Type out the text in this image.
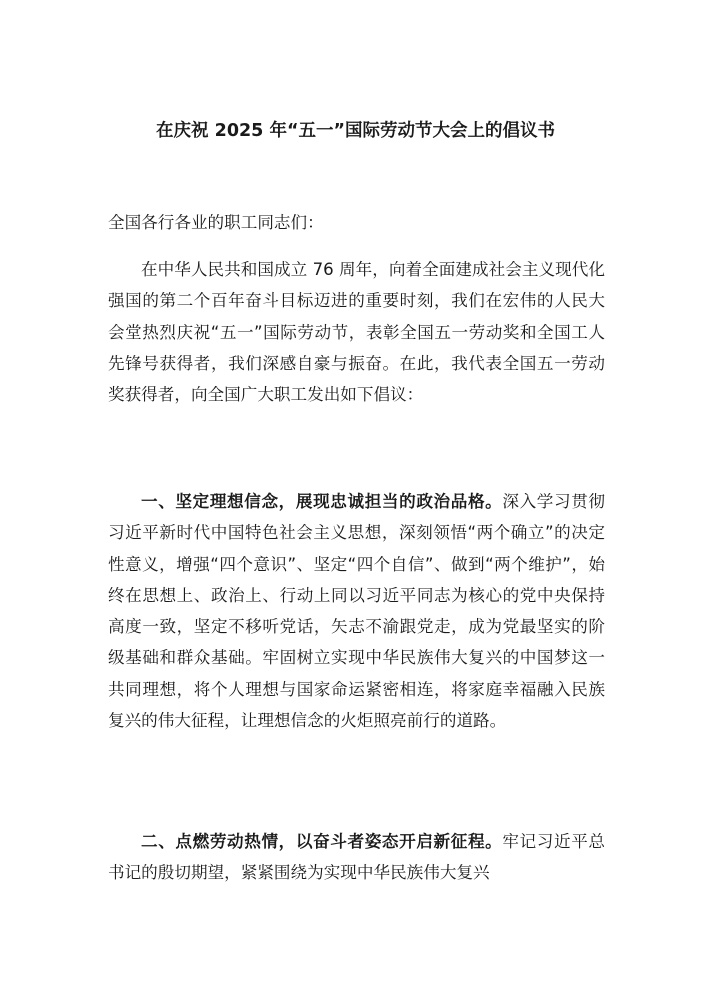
在庆祝 2025 年“五一”国际劳动节大会上的倡议书

全国各行各业的职工同志们：

在中华人民共和国成立 76 周年，向着全面建成社会主义现代化强国的第二个百年奋斗目标迈进的重要时刻，我们在宏伟的人民大会堂热烈庆祝“五一”国际劳动节，表彰全国五一劳动奖和全国工人先锋号获得者，我们深感自豪与振奋。在此，我代表全国五一劳动奖获得者，向全国广大职工发出如下倡议：

一、坚定理想信念，展现忠诚担当的政治品格。深入学习贯彻习近平新时代中国特色社会主义思想，深刻领悟“两个确立”的决定性意义，增强“四个意识”、坚定“四个自信”、做到“两个维护”，始终在思想上、政治上、行动上同以习近平同志为核心的党中央保持高度一致，坚定不移听党话，矢志不渝跟党走，成为党最坚实的阶级基础和群众基础。牢固树立实现中华民族伟大复兴的中国梦这一共同理想，将个人理想与国家命运紧密相连，将家庭幸福融入民族复兴的伟大征程，让理想信念的火炬照亮前行的道路。

二、点燃劳动热情，以奋斗者姿态开启新征程。牢记习近平总书记的殷切期望，紧紧围绕为实现中华民族伟大复兴
